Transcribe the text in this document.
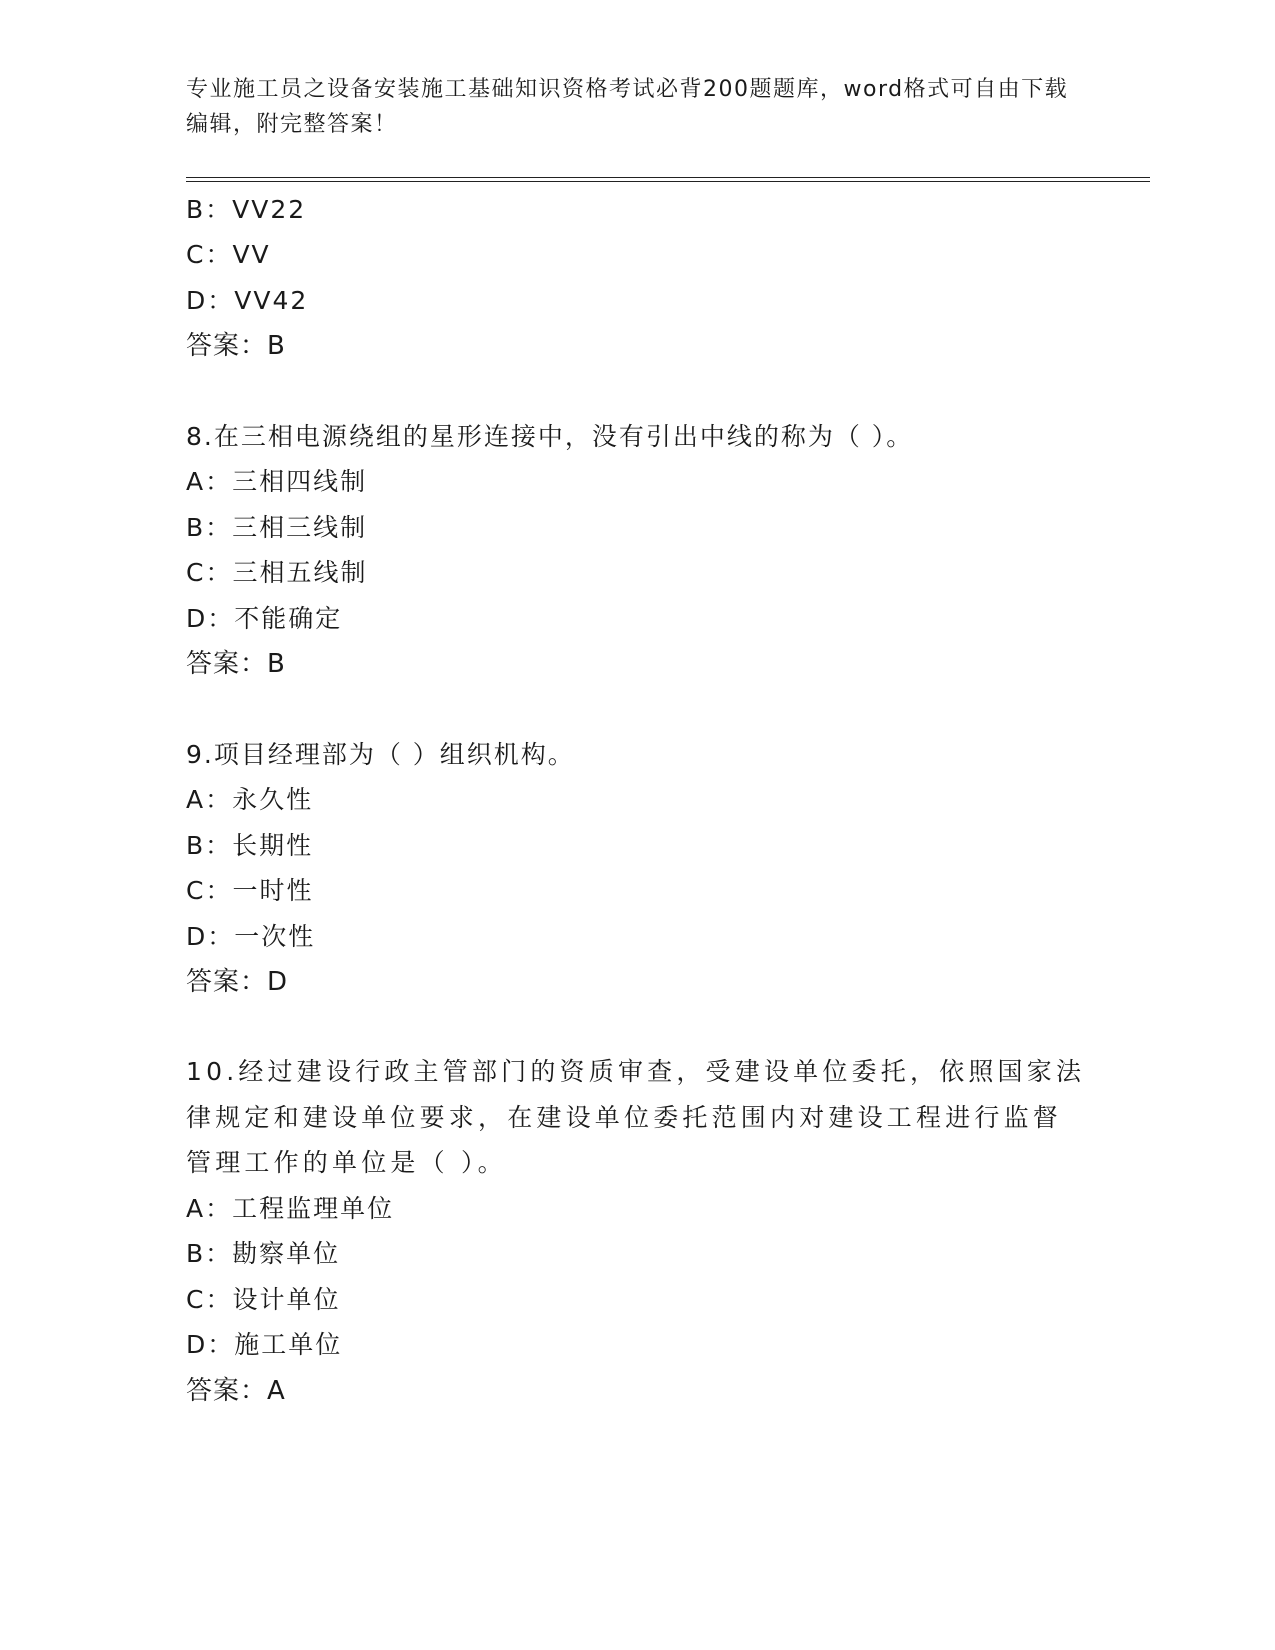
专业施工员之设备安装施工基础知识资格考试必背200题题库，word格式可自由下载编辑，附完整答案！
B：VV22
C：VV
D：VV42
答案：B
8.在三相电源绕组的星形连接中，没有引出中线的称为（ ）。
A：三相四线制
B：三相三线制
C：三相五线制
D：不能确定
答案：B
9.项目经理部为（ ）组织机构。
A：永久性
B：长期性
C：一时性
D：一次性
答案：D
10.经过建设行政主管部门的资质审查，受建设单位委托，依照国家法律规定和建设单位要求，在建设单位委托范围内对建设工程进行监督管理工作的单位是（ ）。
A：工程监理单位
B：勘察单位
C：设计单位
D：施工单位
答案：A
